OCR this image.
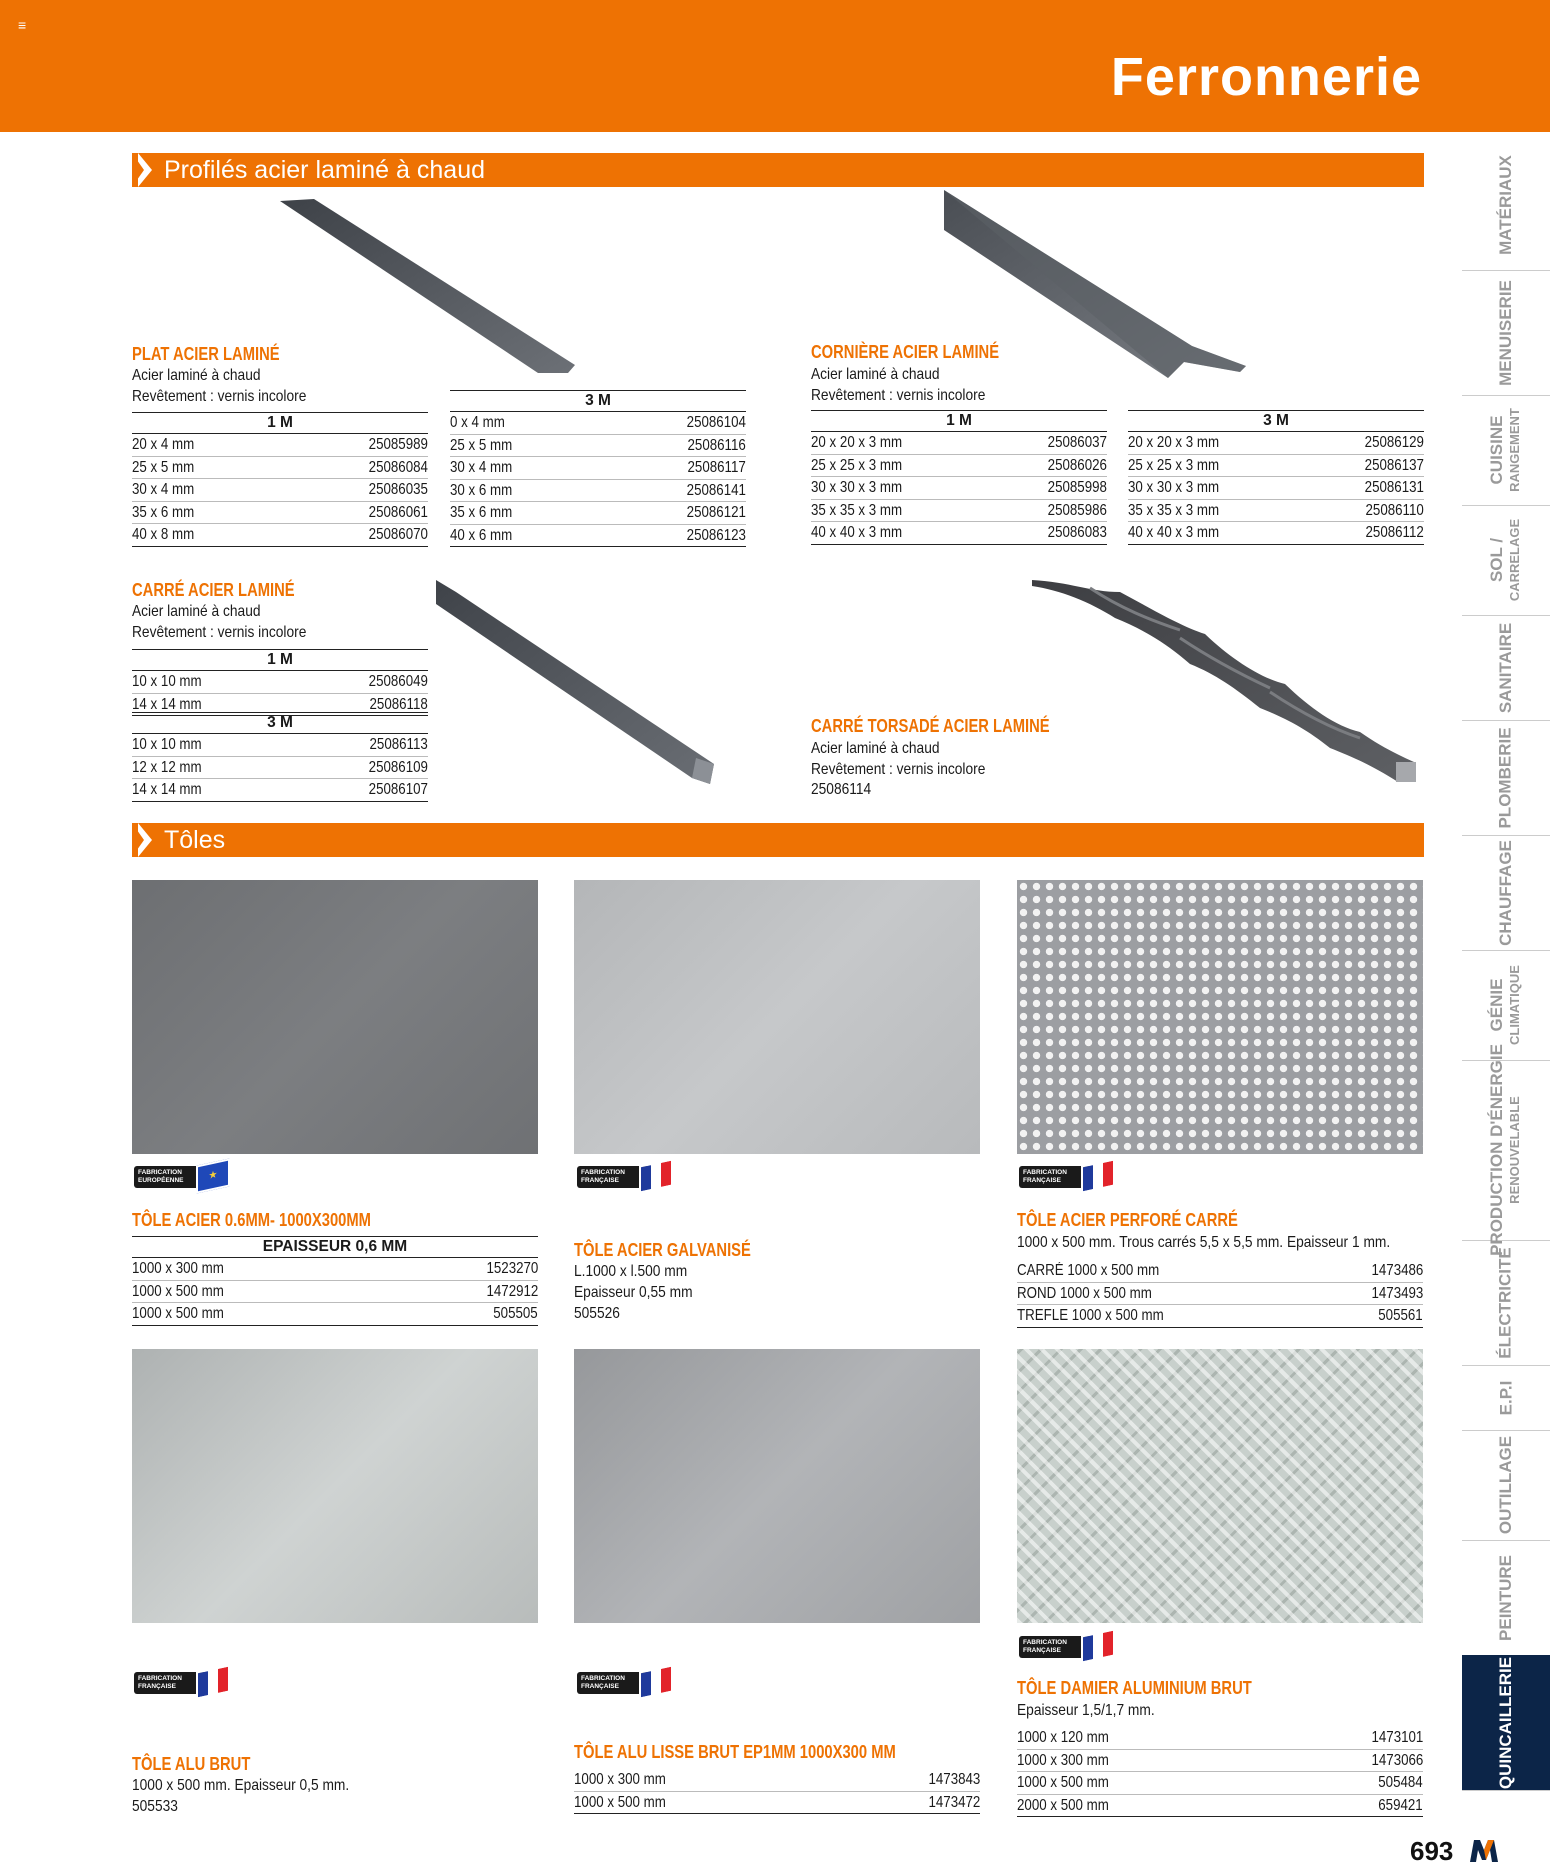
≡
Ferronnerie
Profilés acier laminé à chaud
PLAT ACIER LAMINÉ
Acier laminé à chaud
Revêtement : vernis incolore
1 M
20 x 4 mm	25085989
25 x 5 mm	25086084
30 x 4 mm	25086035
35 x 6 mm	25086061
40 x 8 mm	25086070
3 M
0 x 4 mm	25086104
25 x 5 mm	25086116
30 x 4 mm	25086117
30 x 6 mm	25086141
35 x 6 mm	25086121
40 x 6 mm	25086123
CORNIÈRE ACIER LAMINÉ
Acier laminé à chaud
Revêtement : vernis incolore
1 M
20 x 20 x 3 mm	25086037
25 x 25 x 3 mm	25086026
30 x 30 x 3 mm	25085998
35 x 35 x 3 mm	25085986
40 x 40 x 3 mm	25086083
3 M
20 x 20 x 3 mm	25086129
25 x 25 x 3 mm	25086137
30 x 30 x 3 mm	25086131
35 x 35 x 3 mm	25086110
40 x 40 x 3 mm	25086112
CARRÉ ACIER LAMINÉ
Acier laminé à chaud
Revêtement : vernis incolore
1 M
10 x 10 mm	25086049
14 x 14 mm	25086118
3 M
10 x 10 mm	25086113
12 x 12 mm	25086109
14 x 14 mm	25086107
CARRÉ TORSADÉ ACIER LAMINÉ
Acier laminé à chaud
Revêtement : vernis incolore
25086114
Tôles
FABRICATION EUROPÉENNE	★	FABRICATION FRANÇAISE
FABRICATION FRANÇAISE
TÔLE ACIER 0.6MM- 1000X300MM
EPAISSEUR 0,6 MM
1000 x 300 mm	1523270
1000 x 500 mm	1472912
1000 x 500 mm	505505
TÔLE ACIER GALVANISÉ
L.1000 x l.500 mm
Epaisseur 0,55 mm
505526
TÔLE ACIER PERFORÉ CARRÉ
1000 x 500 mm. Trous carrés 5,5 x 5,5 mm. Epaisseur 1 mm.
CARRÉ 1000 x 500 mm	1473486
ROND 1000 x 500 mm	1473493
TREFLE 1000 x 500 mm	505561
FABRICATION FRANÇAISE
FABRICATION FRANÇAISE
FABRICATION FRANÇAISE
TÔLE ALU BRUT
1000 x 500 mm. Epaisseur 0,5 mm.
505533
TÔLE ALU LISSE BRUT EP1MM 1000X300 MM
1000 x 300 mm	1473843
1000 x 500 mm	1473472
TÔLE DAMIER ALUMINIUM BRUT
Epaisseur 1,5/1,7 mm.
1000 x 120 mm	1473101
1000 x 300 mm	1473066
1000 x 500 mm	505484
2000 x 500 mm	659421
MATÉRIAUX
MENUISERIE
CUISINE RANGEMENT
SOL / CARRELAGE
SANITAIRE
PLOMBERIE
CHAUFFAGE
GÉNIE CLIMATIQUE
PRODUCTION D'ÉNERGIE RENOUVELABLE
ÉLECTRICITÉ
E.P.I
OUTILLAGE
PEINTURE
QUINCAILLERIE
693
